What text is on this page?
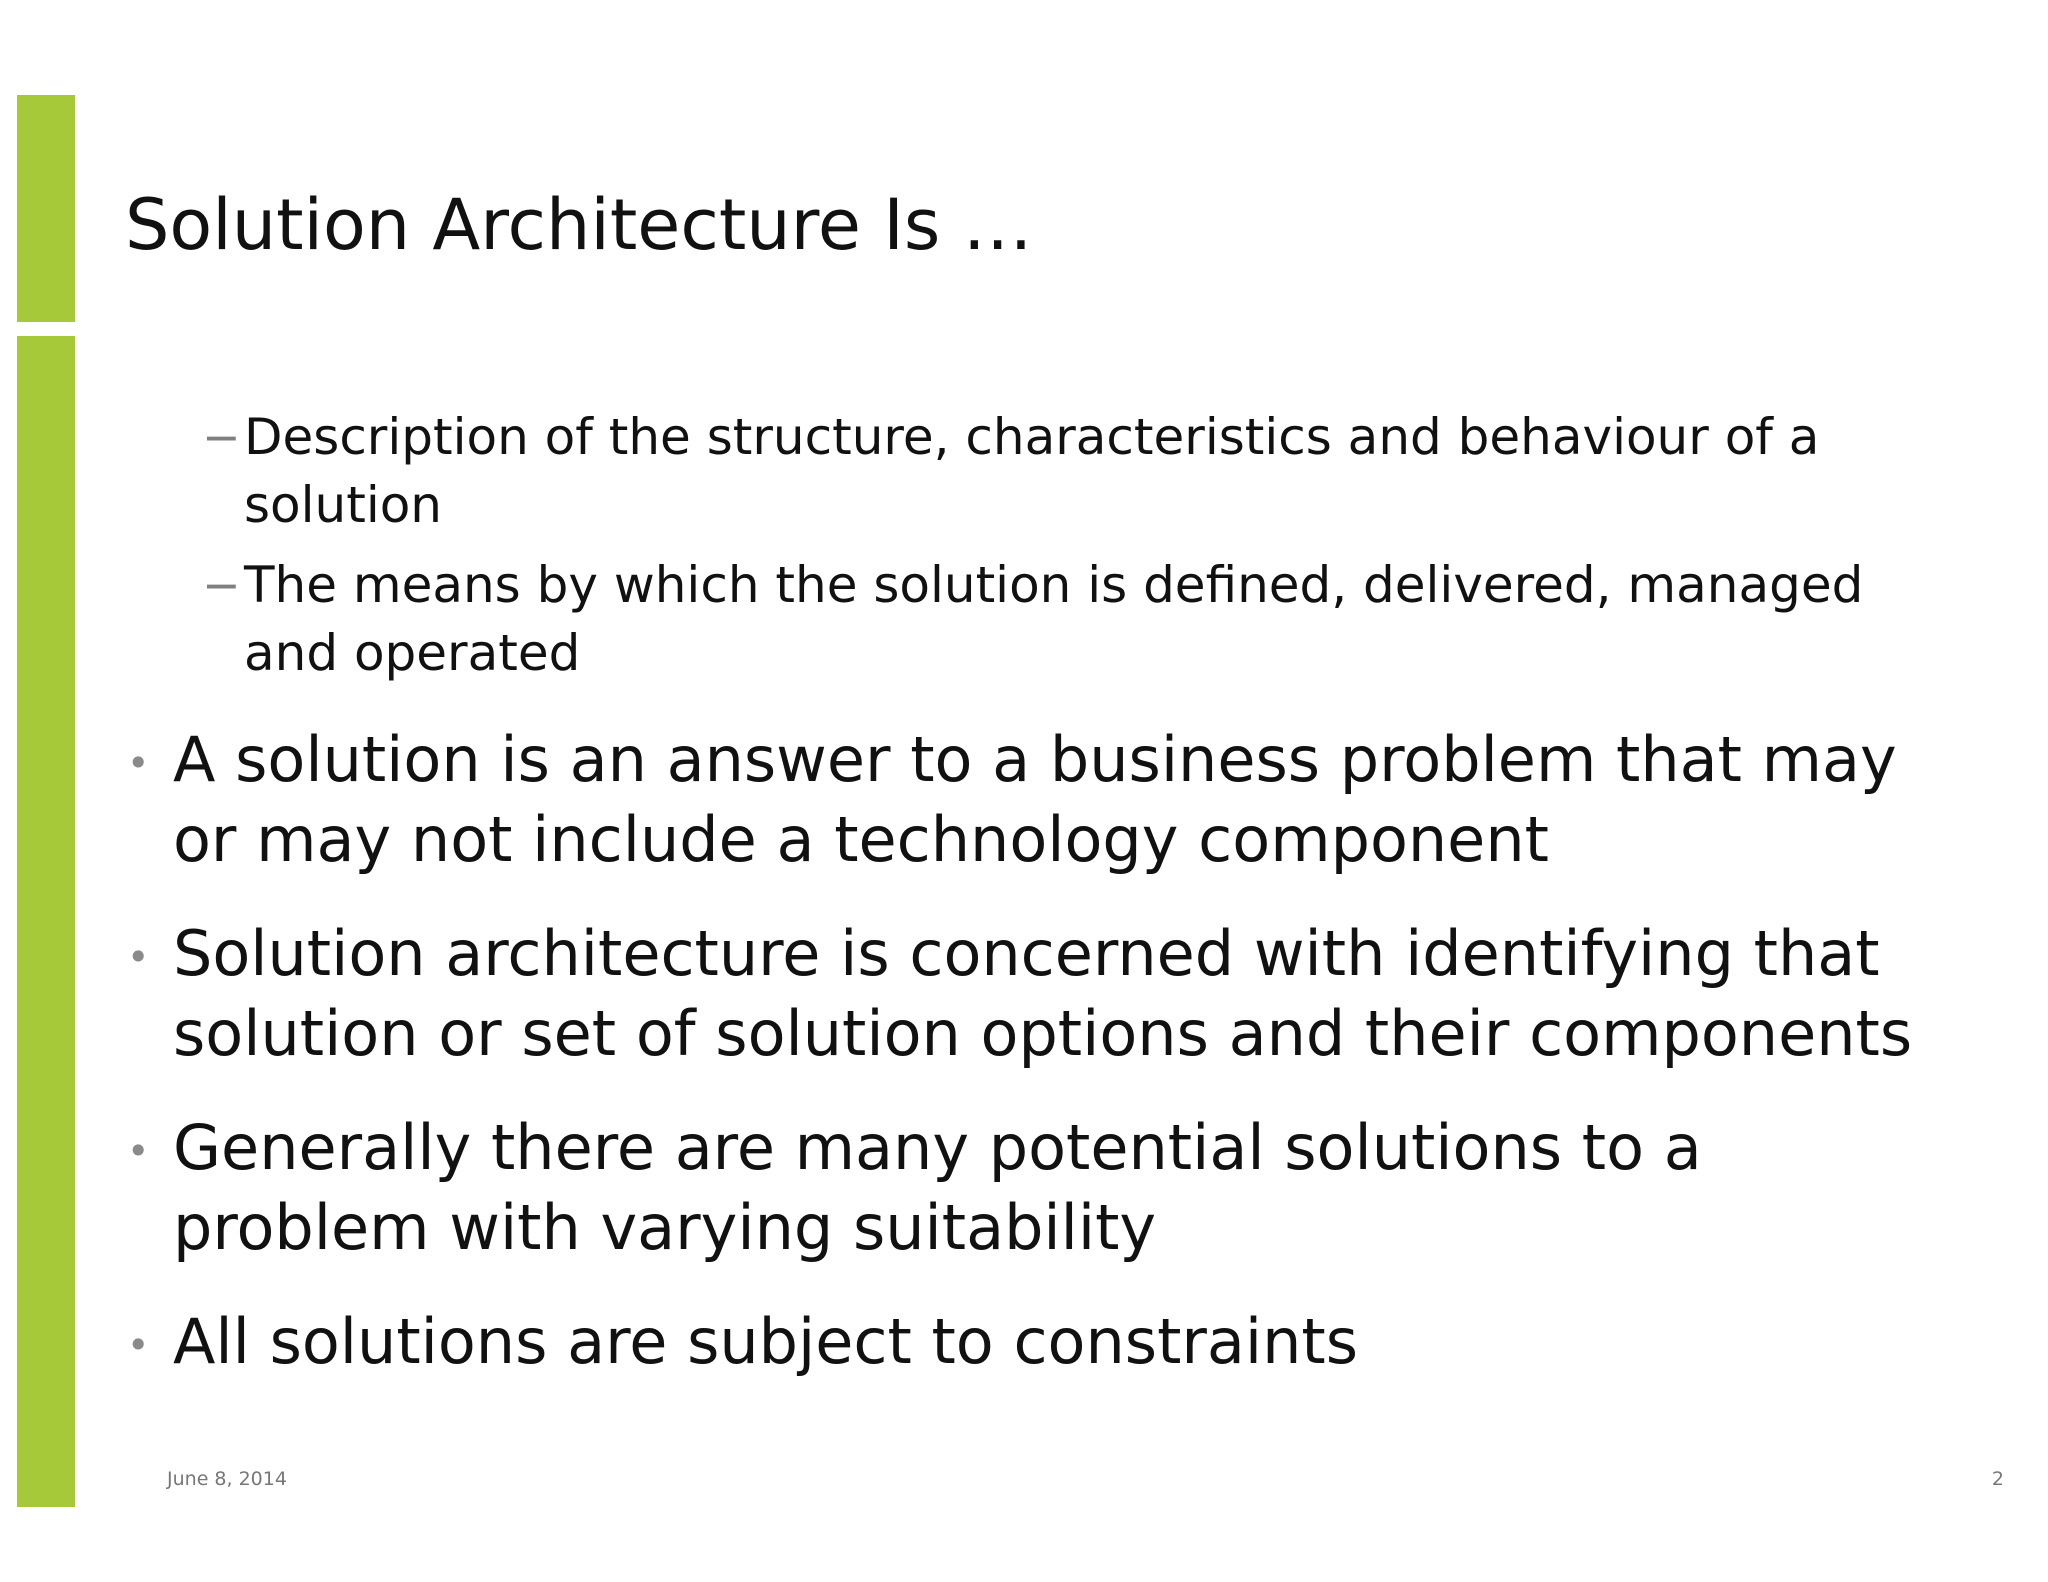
Solution Architecture Is …
− Description of the structure, characteristics and behaviour of a solution
− The means by which the solution is defined, delivered, managed and operated
• A solution is an answer to a business problem that may or may not include a technology component
• Solution architecture is concerned with identifying that solution or set of solution options and their components
• Generally there are many potential solutions to a problem with varying suitability
• All solutions are subject to constraints
June 8, 2014	2
